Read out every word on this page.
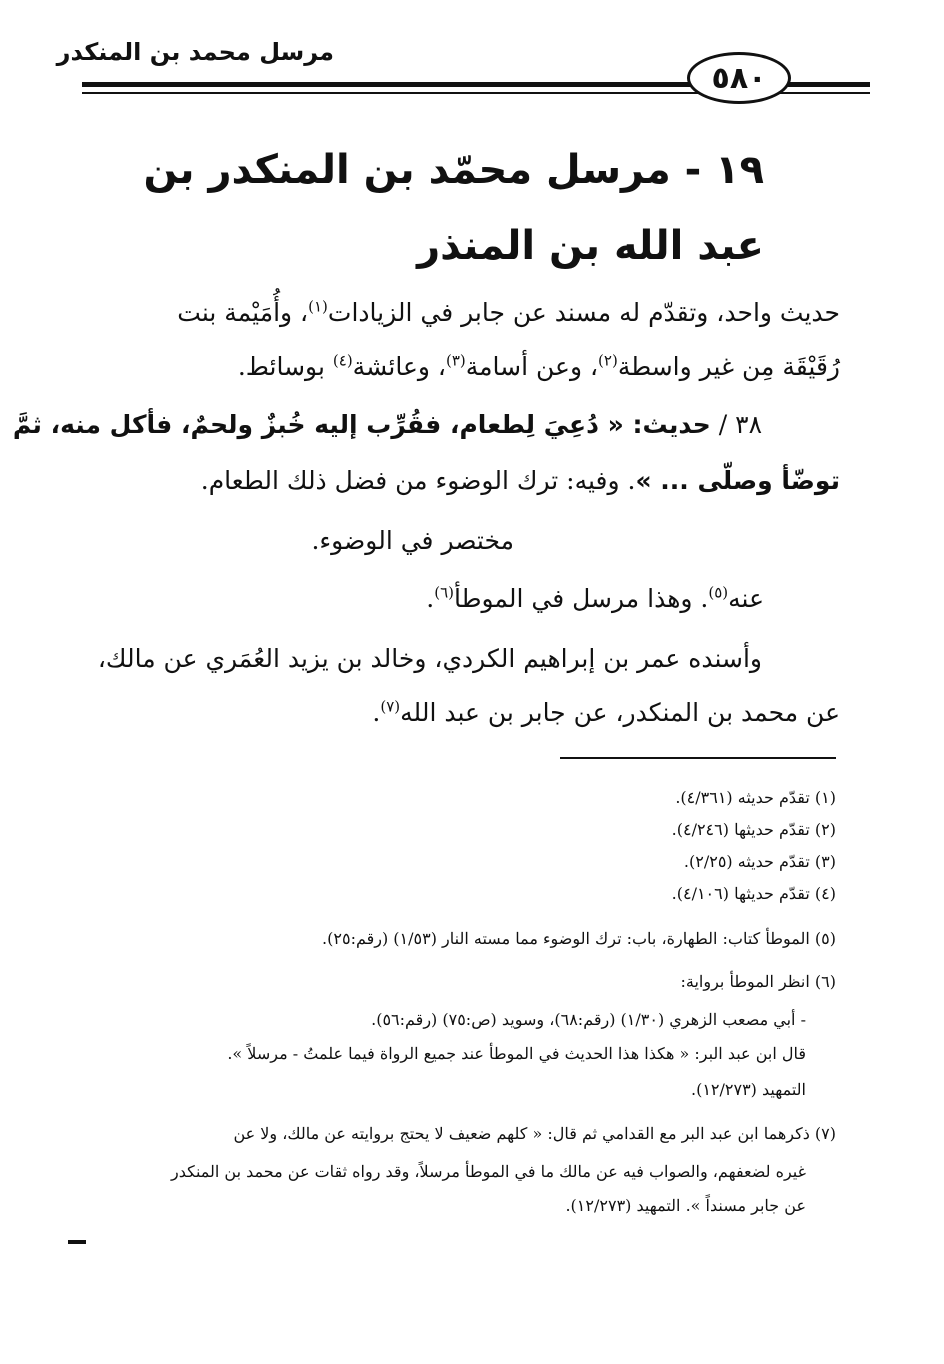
مرسل محمد بن المنكدر
٥٨٠
١٩ - مرسل محمّد بن المنكدر بن عبد الله بن المنذر
حديث واحد، وتقدّم له مسند عن جابر في الزيادات$^{(١)}$، وأُمَيْمة بنت
رُقَيْقَة مِن غير واسطة$^{(٢)}$، وعن أسامة$^{(٣)}$، وعائشة$^{(٤)}$ بوسائط.
٣٨ / حديث: « دُعِيَ لِطعام، فقُرِّب إليه خُبزٌ ولحمٌ، فأكل منه، ثمَّ
توضّأ وصلّى ... ». وفيه: ترك الوضوء من فضل ذلك الطعام.
مختصر في الوضوء.
عنه$^{(٥)}$. وهذا مرسل في الموطأ$^{(٦)}$.
وأسنده عمر بن إبراهيم الكردي، وخالد بن يزيد العُمَري عن مالك،
عن محمد بن المنكدر، عن جابر بن عبد الله$^{(٧)}$.
(١) تقدّم حديثه (٤/٣٦١).
(٢) تقدّم حديثها (٤/٢٤٦).
(٣) تقدّم حديثه (٢/٢٥).
(٤) تقدّم حديثها (٤/١٠٦).
(٥) الموطأ كتاب: الطهارة، باب: ترك الوضوء مما مسته النار (١/٥٣) (رقم:٢٥).
(٦) انظر الموطأ برواية:
- أبي مصعب الزهري (١/٣٠) (رقم:٦٨)، وسويد (ص:٧٥) (رقم:٥٦).
قال ابن عبد البر: « هكذا هذا الحديث في الموطأ عند جميع الرواة فيما علمتُ - مرسلاً ».
التمهيد (١٢/٢٧٣).
(٧) ذكرهما ابن عبد البر مع القدامي ثم قال: « كلهم ضعيف لا يحتج بروايته عن مالك، ولا عن
غيره لضعفهم، والصواب فيه عن مالك ما في الموطأ مرسلاً، وقد رواه ثقات عن محمد بن المنكدر
عن جابر مسنداً ». التمهيد (١٢/٢٧٣).
